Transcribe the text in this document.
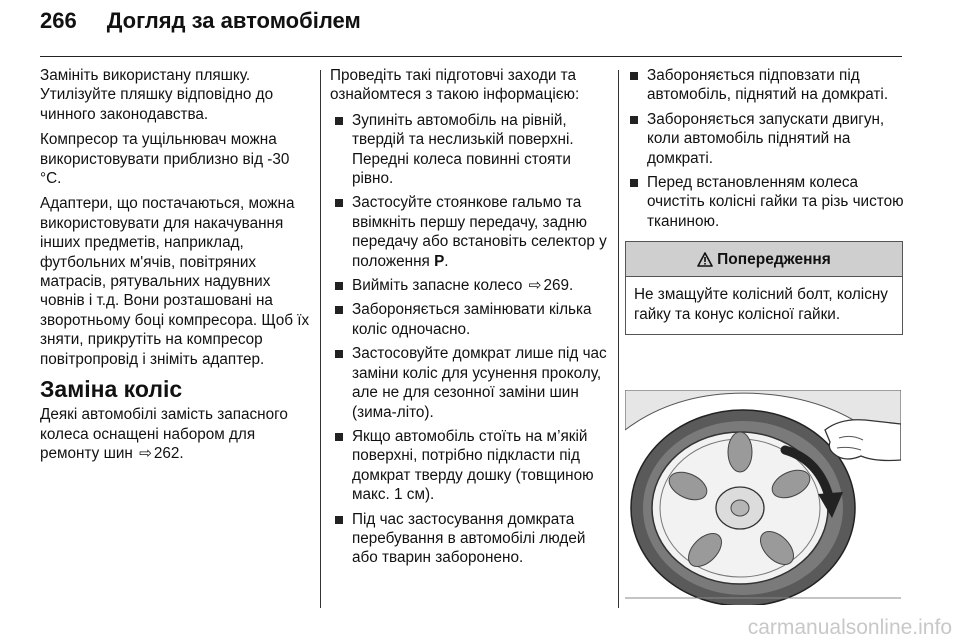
266 Догляд за автомобілем

Замініть використану пляшку. Утилізуйте пляшку відповідно до чинного законодавства.

Компресор та ущільнювач можна використовувати приблизно від -30 °C.

Адаптери, що постачаються, можна використовувати для накачування інших предметів, наприклад, футбольних м'ячів, повітряних матрасів, рятувальних надувних човнів і т.д. Вони розташовані на зворотньому боці компресора. Щоб їх зняти, прикрутіть на компресор повітропровід і зніміть адаптер.

Заміна коліс

Деякі автомобілі замість запасного колеса оснащені набором для ремонту шин ⇨ 262.

Проведіть такі підготовчі заходи та ознайомтеся з такою інформацією:

Зупиніть автомобіль на рівній, твердій та неслизькій поверхні. Передні колеса повинні стояти рівно.
Застосуйте стоянкове гальмо та ввімкніть першу передачу, задню передачу або встановіть селектор у положення P.
Вийміть запасне колесо ⇨ 269.
Забороняється замінювати кілька коліс одночасно.
Застосовуйте домкрат лише під час заміни коліс для усунення проколу, але не для сезонної заміни шин (зима-літо).
Якщо автомобіль стоїть на м’якій поверхні, потрібно підкласти під домкрат тверду дошку (товщиною макс. 1 см).
Під час застосування домкрата перебування в автомобілі людей або тварин заборонено.
Забороняється підповзати під автомобіль, піднятий на домкраті.
Забороняється запускати двигун, коли автомобіль піднятий на домкраті.
Перед встановленням колеса очистіть колісні гайки та різь чистою тканиною.
Попередження
Не змащуйте колісний болт, колісну гайку та конус колісної гайки.
carmanualsonline.info
